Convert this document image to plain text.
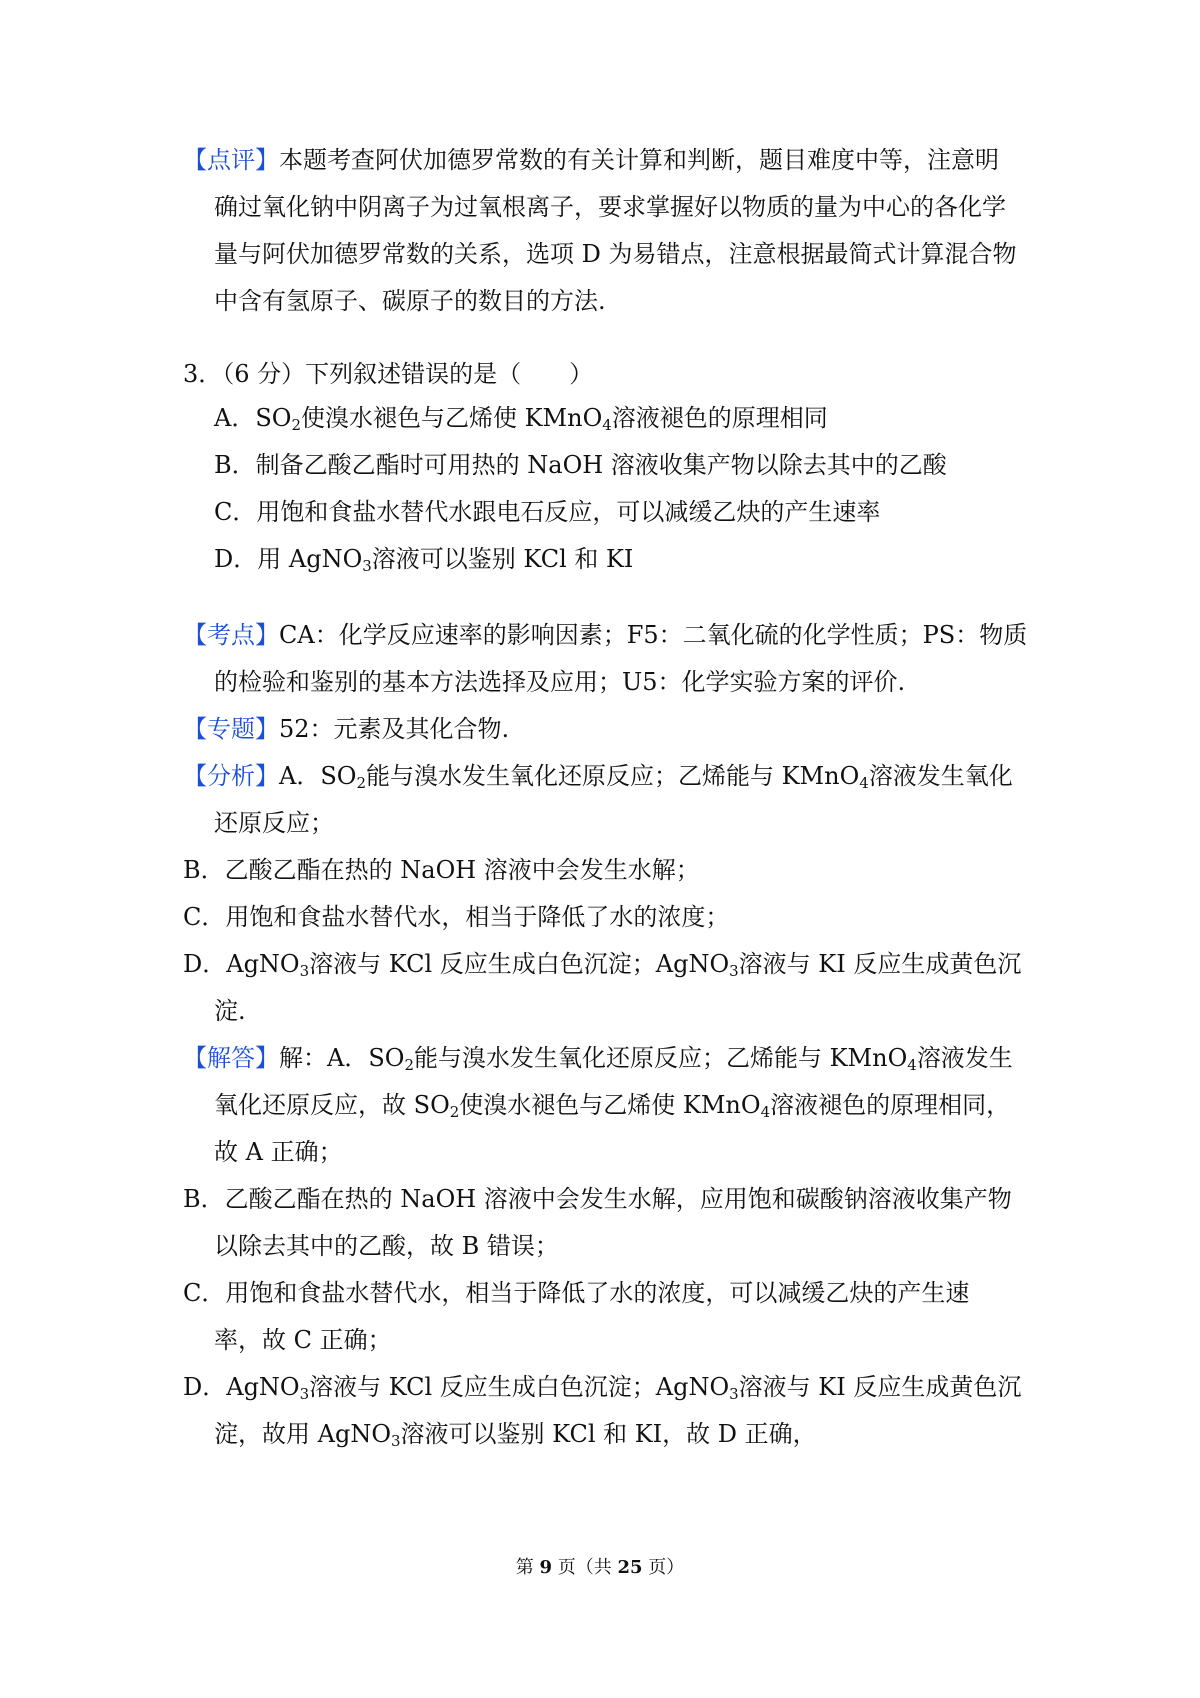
【点评】本题考查阿伏加德罗常数的有关计算和判断，题目难度中等，注意明
确过氧化钠中阴离子为过氧根离子，要求掌握好以物质的量为中心的各化学
量与阿伏加德罗常数的关系，选项 D 为易错点，注意根据最简式计算混合物
中含有氢原子、碳原子的数目的方法.
3．（6 分）下列叙述错误的是（　　）
A．$SO_2$使溴水褪色与乙烯使 KMnO$_4$溶液褪色的原理相同
B．制备乙酸乙酯时可用热的 NaOH 溶液收集产物以除去其中的乙酸
C．用饱和食盐水替代水跟电石反应，可以减缓乙炔的产生速率
D．用 AgNO$_3$溶液可以鉴别 KCl 和 KI
【考点】CA：化学反应速率的影响因素；F5：二氧化硫的化学性质；PS：物质
的检验和鉴别的基本方法选择及应用；U5：化学实验方案的评价.
【专题】52：元素及其化合物.
【分析】A．$SO_2$能与溴水发生氧化还原反应；乙烯能与 KMnO$_4$溶液发生氧化
还原反应；
B．乙酸乙酯在热的 NaOH 溶液中会发生水解；
C．用饱和食盐水替代水，相当于降低了水的浓度；
D．AgNO$_3$溶液与 KCl 反应生成白色沉淀；AgNO$_3$溶液与 KI 反应生成黄色沉
淀.
【解答】解：A．$SO_2$能与溴水发生氧化还原反应；乙烯能与 KMnO$_4$溶液发生
氧化还原反应，故 $SO_2$使溴水褪色与乙烯使 KMnO$_4$溶液褪色的原理相同，
故 A 正确；
B．乙酸乙酯在热的 NaOH 溶液中会发生水解，应用饱和碳酸钠溶液收集产物
以除去其中的乙酸，故 B 错误；
C．用饱和食盐水替代水，相当于降低了水的浓度，可以减缓乙炔的产生速
率，故 C 正确；
D．AgNO$_3$溶液与 KCl 反应生成白色沉淀；AgNO$_3$溶液与 KI 反应生成黄色沉
淀，故用 AgNO$_3$溶液可以鉴别 KCl 和 KI，故 D 正确，
第 9 页（共 25 页）
